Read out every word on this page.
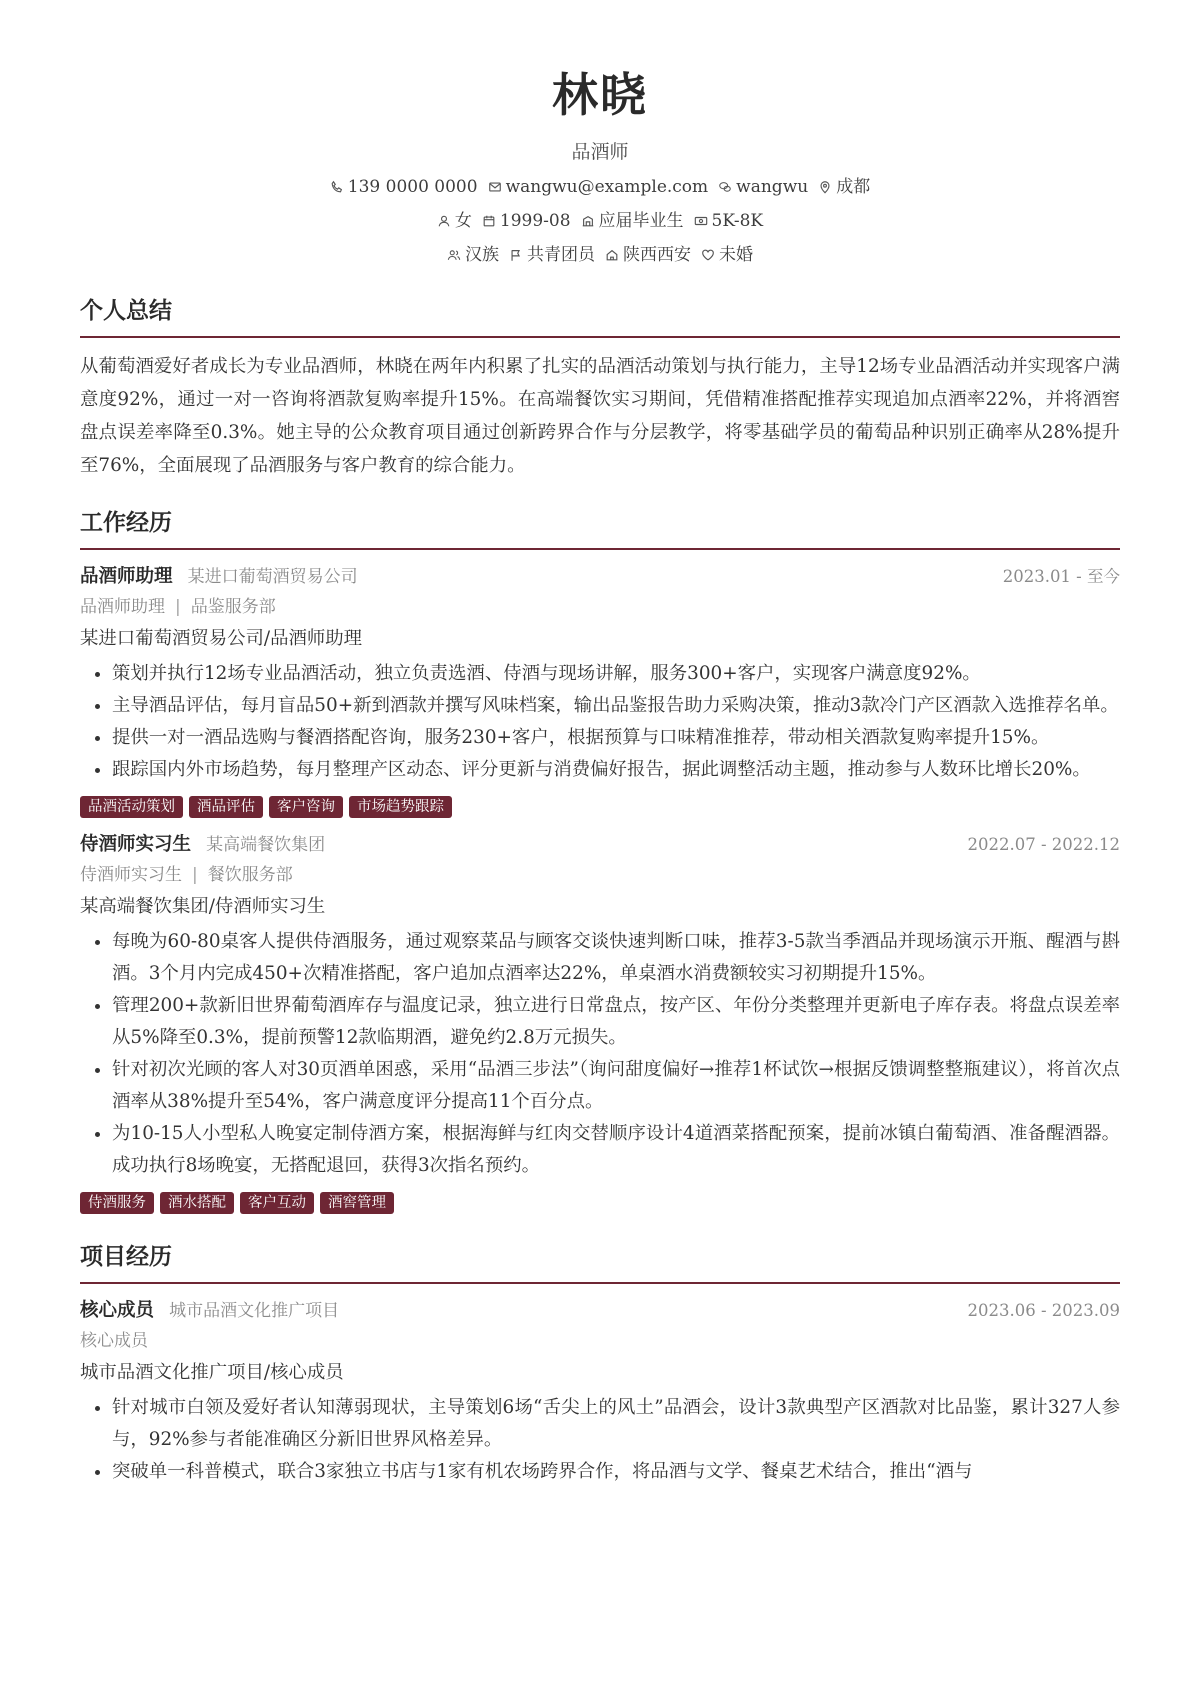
林晓
品酒师
139 0000 0000 wangwu@example.com wangwu 成都
女 1999-08 应届毕业生 5K-8K
汉族 共青团员 陕西西安 未婚
个人总结
从葡萄酒爱好者成长为专业品酒师，林晓在两年内积累了扎实的品酒活动策划与执行能力，主导12场专业品酒活动并实现客户满意度92%，通过一对一咨询将酒款复购率提升15%。在高端餐饮实习期间，凭借精准搭配推荐实现追加点酒率22%，并将酒窖盘点误差率降至0.3%。她主导的公众教育项目通过创新跨界合作与分层教学，将零基础学员的葡萄品种识别正确率从28%提升至76%，全面展现了品酒服务与客户教育的综合能力。
工作经历
品酒师助理 某进口葡萄酒贸易公司	2023.01 - 至今
品酒师助理 | 品鉴服务部
某进口葡萄酒贸易公司/品酒师助理
• 策划并执行12场专业品酒活动，独立负责选酒、侍酒与现场讲解，服务300+客户，实现客户满意度92%。
• 主导酒品评估，每月盲品50+新到酒款并撰写风味档案，输出品鉴报告助力采购决策，推动3款冷门产区酒款入选推荐名单。
• 提供一对一酒品选购与餐酒搭配咨询，服务230+客户，根据预算与口味精准推荐，带动相关酒款复购率提升15%。
• 跟踪国内外市场趋势，每月整理产区动态、评分更新与消费偏好报告，据此调整活动主题，推动参与人数环比增长20%。
品酒活动策划	酒品评估	客户咨询	市场趋势跟踪
侍酒师实习生 某高端餐饮集团	2022.07 - 2022.12
侍酒师实习生 | 餐饮服务部
某高端餐饮集团/侍酒师实习生
• 每晚为60-80桌客人提供侍酒服务，通过观察菜品与顾客交谈快速判断口味，推荐3-5款当季酒品并现场演示开瓶、醒酒与斟酒。3个月内完成450+次精准搭配，客户追加点酒率达22%，单桌酒水消费额较实习初期提升15%。
• 管理200+款新旧世界葡萄酒库存与温度记录，独立进行日常盘点，按产区、年份分类整理并更新电子库存表。将盘点误差率从5%降至0.3%，提前预警12款临期酒，避免约2.8万元损失。
• 针对初次光顾的客人对30页酒单困惑，采用“品酒三步法”（询问甜度偏好→推荐1杯试饮→根据反馈调整整瓶建议），将首次点酒率从38%提升至54%，客户满意度评分提高11个百分点。
• 为10-15人小型私人晚宴定制侍酒方案，根据海鲜与红肉交替顺序设计4道酒菜搭配预案，提前冰镇白葡萄酒、准备醒酒器。成功执行8场晚宴，无搭配退回，获得3次指名预约。
侍酒服务	酒水搭配	客户互动	酒窖管理
项目经历
核心成员 城市品酒文化推广项目	2023.06 - 2023.09
核心成员
城市品酒文化推广项目/核心成员
• 针对城市白领及爱好者认知薄弱现状，主导策划6场“舌尖上的风土”品酒会，设计3款典型产区酒款对比品鉴，累计327人参与，92%参与者能准确区分新旧世界风格差异。
• 突破单一科普模式，联合3家独立书店与1家有机农场跨界合作，将品酒与文学、餐桌艺术结合，推出“酒与
